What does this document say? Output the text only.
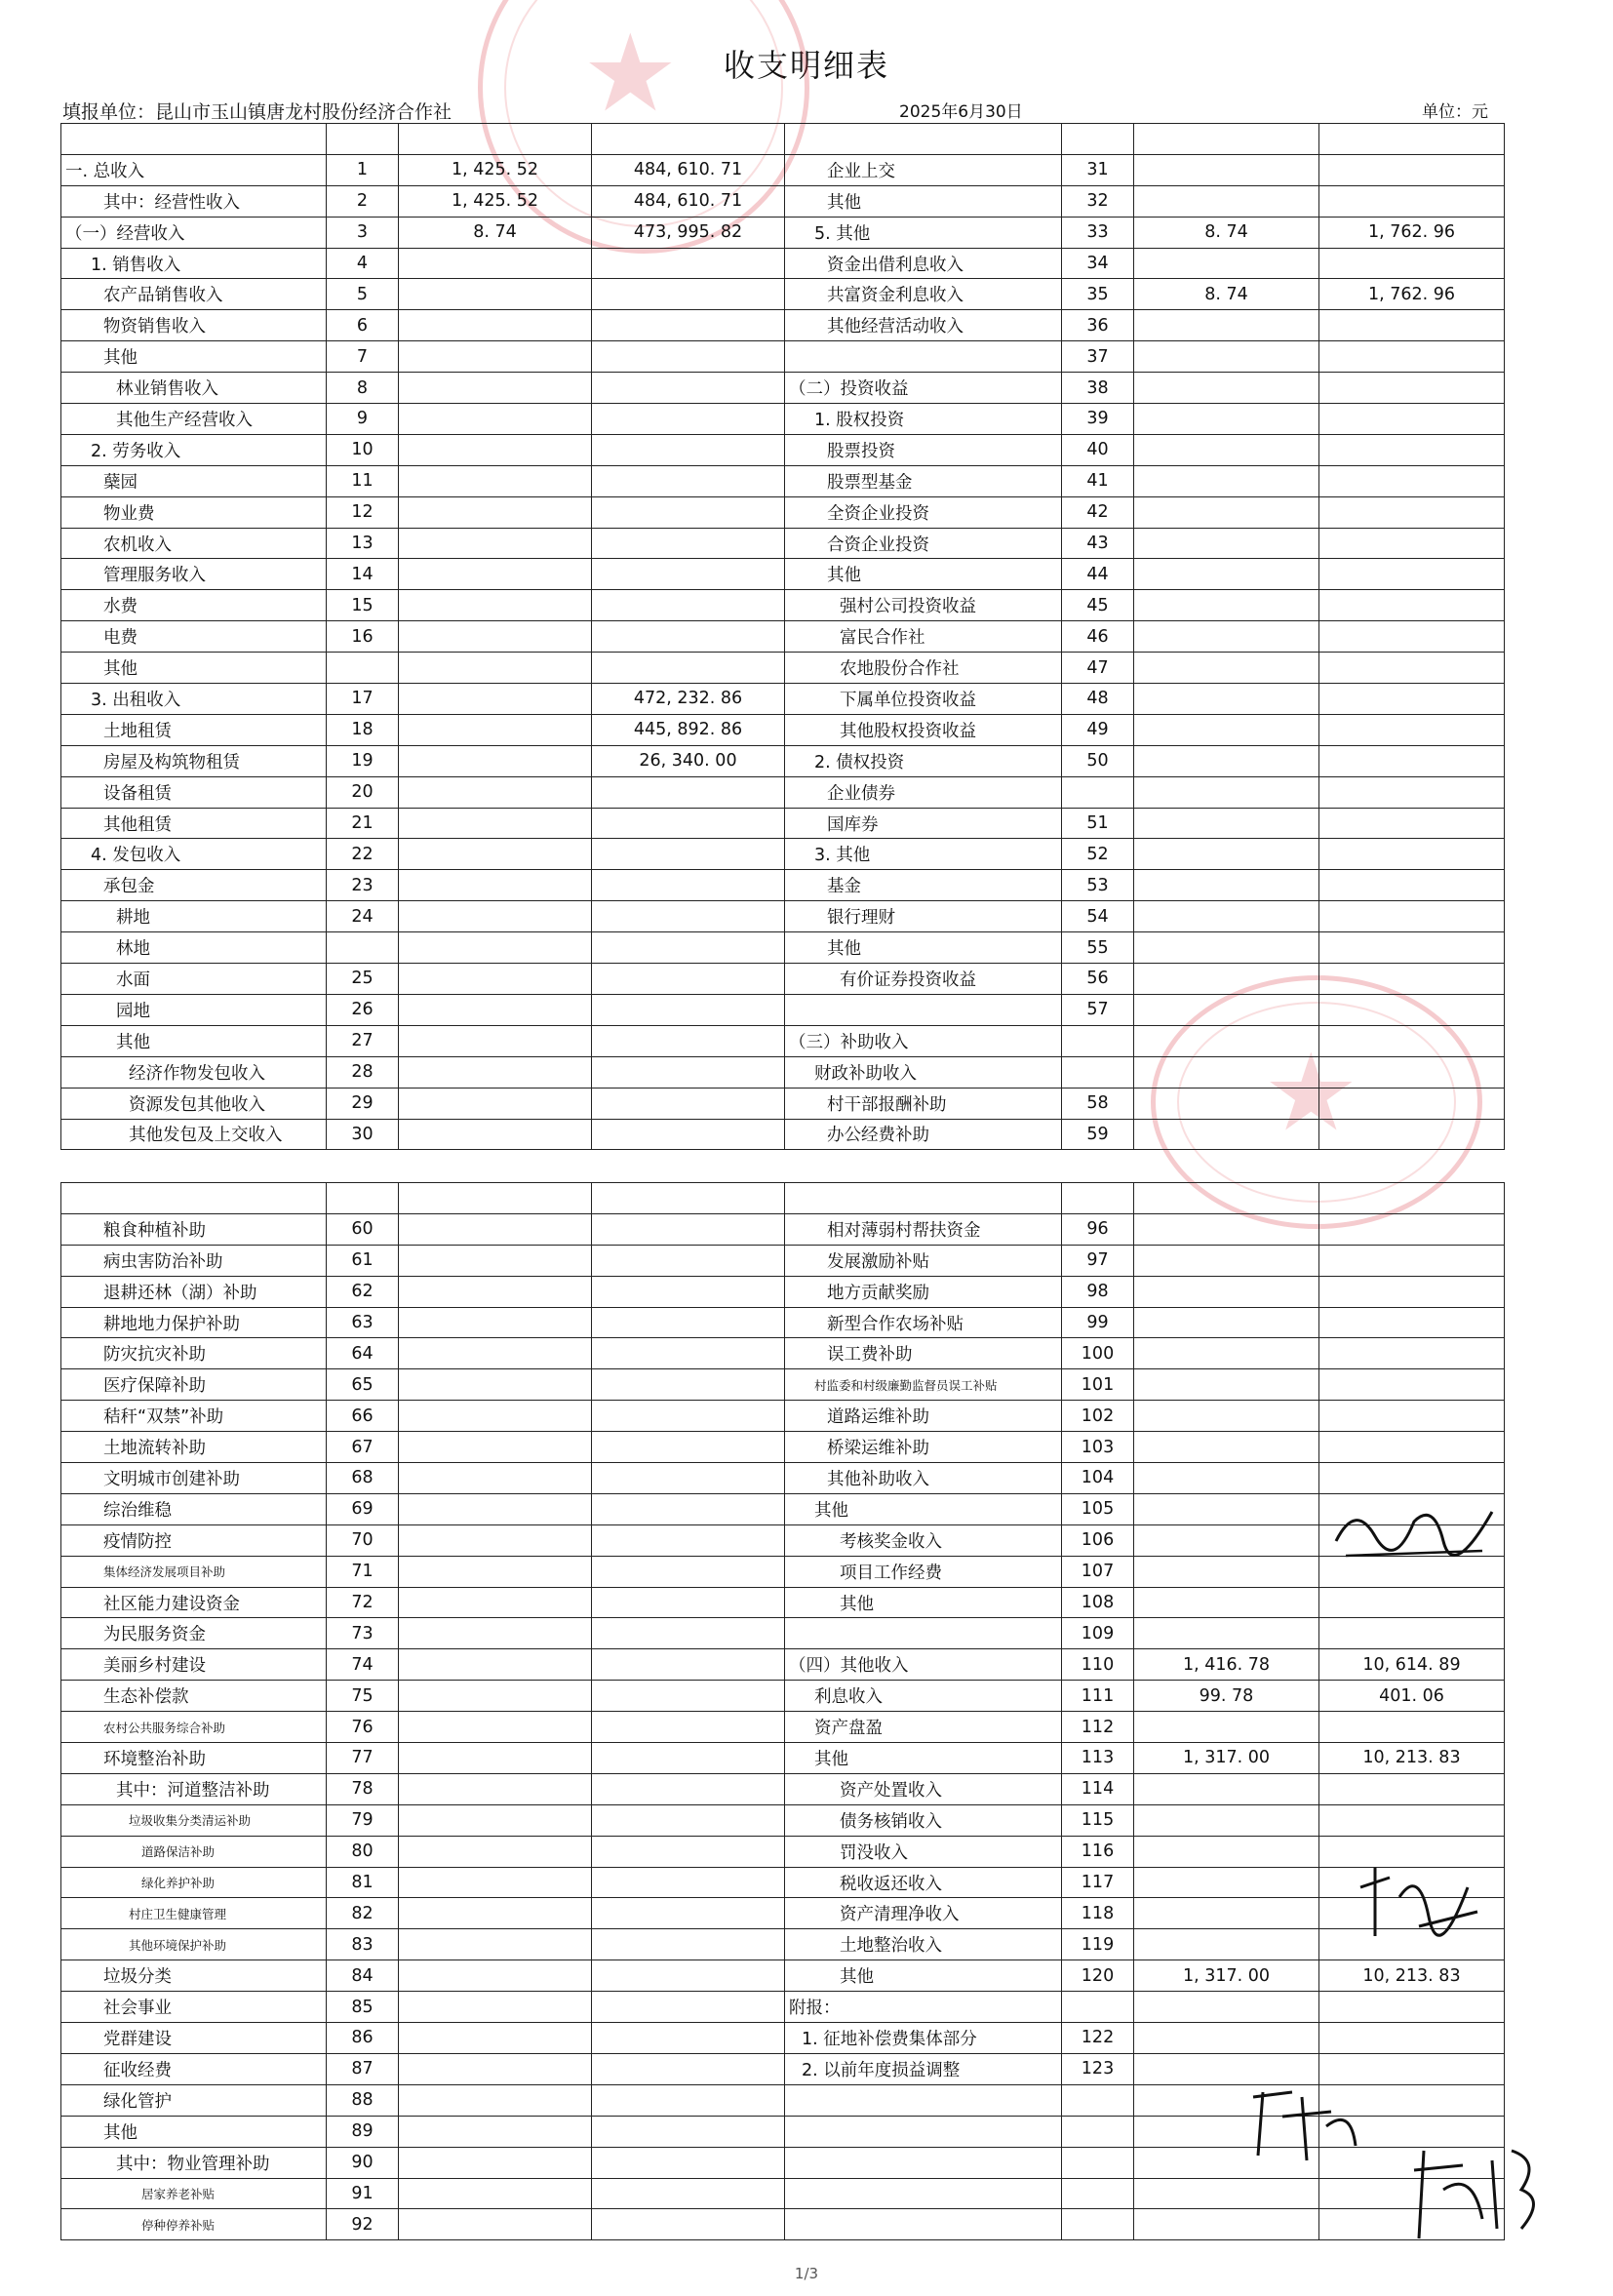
收支明细表
填报单位：昆山市玉山镇唐龙村股份经济合作社	2025年6月30日	单位：元
★
★

一. 总收入	1	1, 425. 52	484, 610. 71	企业上交	31		
其中：经营性收入	2	1, 425. 52	484, 610. 71	其他	32		
（一）经营收入	3	8. 74	473, 995. 82	5. 其他	33	8. 74	1, 762. 96
1. 销售收入	4			资金出借利息收入	34		
农产品销售收入	5			共富资金利息收入	35	8. 74	1, 762. 96
物资销售收入	6			其他经营活动收入	36		
其他	7				37		
林业销售收入	8			（二）投资收益	38		
其他生产经营收入	9			1. 股权投资	39		
2. 劳务收入	10			股票投资	40		
蘖园	11			股票型基金	41		
物业费	12			全资企业投资	42		
农机收入	13			合资企业投资	43		
管理服务收入	14			其他	44		
水费	15			强村公司投资收益	45		
电费	16			富民合作社	46		
其他				农地股份合作社	47		
3. 出租收入	17		472, 232. 86	下属单位投资收益	48		
土地租赁	18		445, 892. 86	其他股权投资收益	49		
房屋及构筑物租赁	19		26, 340. 00	2. 债权投资	50		
设备租赁	20			企业债券			
其他租赁	21			国库券	51		
4. 发包收入	22			3. 其他	52		
承包金	23			基金	53		
耕地	24			银行理财	54		
林地				其他	55		
水面	25			有价证券投资收益	56		
园地	26				57		
其他	27			（三）补助收入			
经济作物发包收入	28			财政补助收入			
资源发包其他收入	29			村干部报酬补助	58		
其他发包及上交收入	30			办公经费补助	59		

粮食种植补助	60			相对薄弱村帮扶资金	96		
病虫害防治补助	61			发展激励补贴	97		
退耕还林（湖）补助	62			地方贡献奖励	98		
耕地地力保护补助	63			新型合作农场补贴	99		
防灾抗灾补助	64			误工费补助	100		
医疗保障补助	65			村监委和村级廉勤监督员误工补贴	101		
秸秆“双禁”补助	66			道路运维补助	102		
土地流转补助	67			桥梁运维补助	103		
文明城市创建补助	68			其他补助收入	104		
综治维稳	69			其他	105		
疫情防控	70			考核奖金收入	106		
集体经济发展项目补助	71			项目工作经费	107		
社区能力建设资金	72			其他	108		
为民服务资金	73				109		
美丽乡村建设	74			（四）其他收入	110	1, 416. 78	10, 614. 89
生态补偿款	75			利息收入	111	99. 78	401. 06
农村公共服务综合补助	76			资产盘盈	112		
环境整治补助	77			其他	113	1, 317. 00	10, 213. 83
其中：河道整洁补助	78			资产处置收入	114		
垃圾收集分类清运补助	79			债务核销收入	115		
道路保洁补助	80			罚没收入	116		
绿化养护补助	81			税收返还收入	117		
村庄卫生健康管理	82			资产清理净收入	118		
其他环境保护补助	83			土地整治收入	119		
垃圾分类	84			其他	120	1, 317. 00	10, 213. 83
社会事业	85			附报：			
党群建设	86			1. 征地补偿费集体部分	122		
征收经费	87			2. 以前年度损益调整	123		
绿化管护	88						
其他	89						
其中：物业管理补助	90						
居家养老补贴	91						
停种停养补贴	92						
1/3
